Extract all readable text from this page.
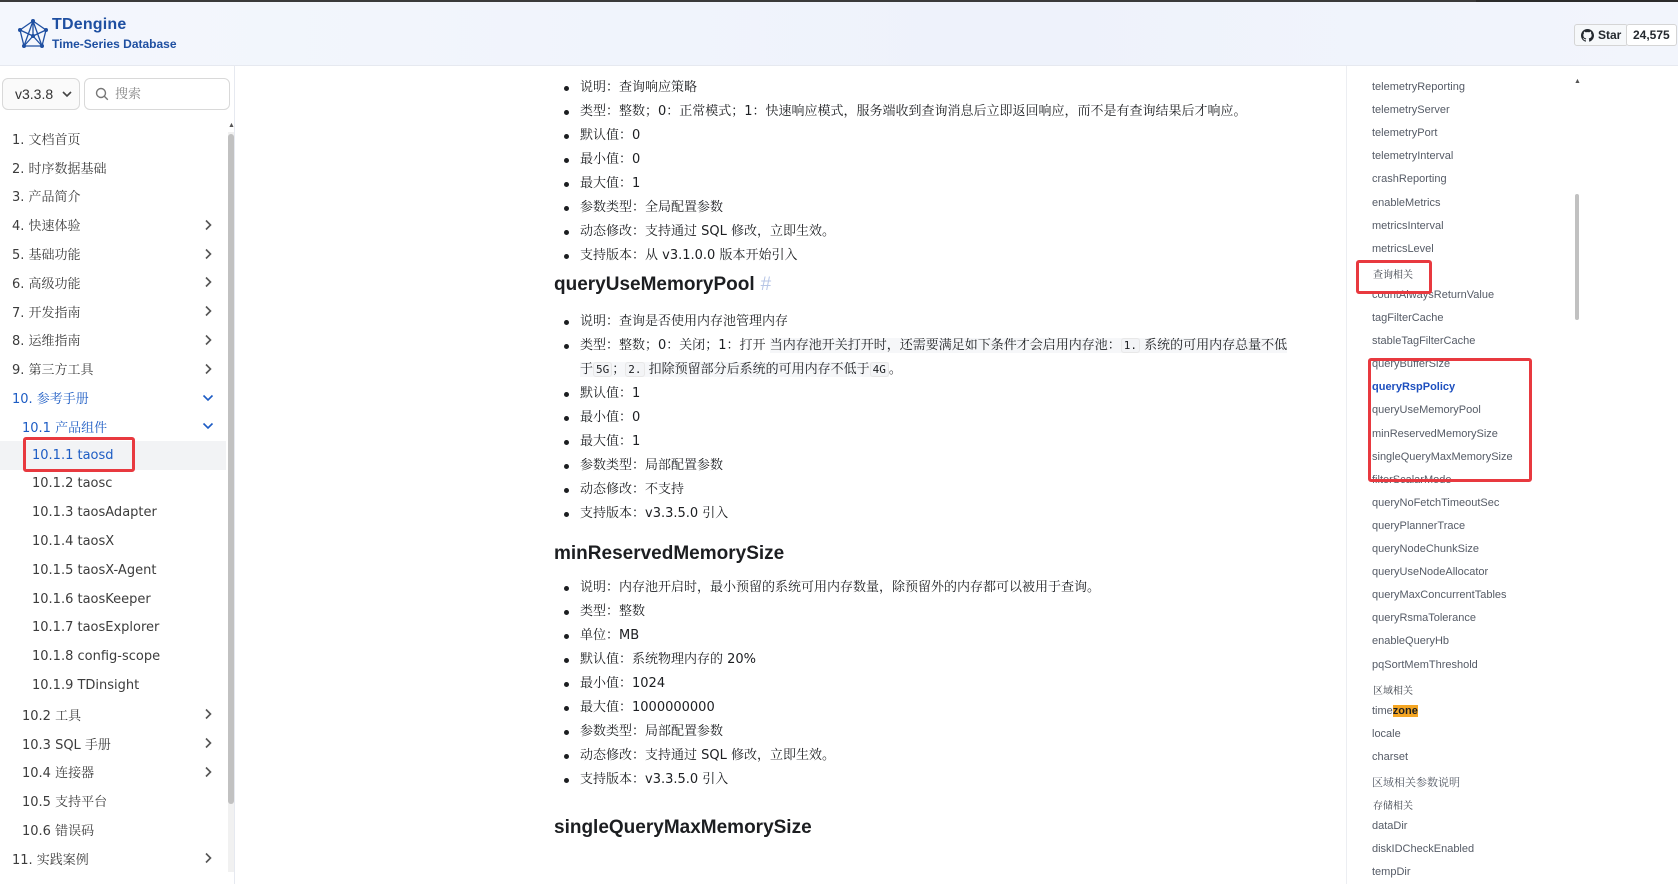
TDengine
Time-Series Database
Star 24,575
v3.3.8
搜索
1. 文档首页
2. 时序数据基础
3. 产品简介
4. 快速体验
5. 基础功能
6. 高级功能
7. 开发指南
8. 运维指南
9. 第三方工具
10. 参考手册
10.1 产品组件
10.1.1 taosd
10.1.2 taosc
10.1.3 taosAdapter
10.1.4 taosX
10.1.5 taosX-Agent
10.1.6 taosKeeper
10.1.7 taosExplorer
10.1.8 config-scope
10.1.9 TDinsight
10.2 工具
10.3 SQL 手册
10.4 连接器
10.5 支持平台
10.6 错误码
11. 实践案例
▲
说明：查询响应策略
类型：整数；0：正常模式；1：快速响应模式，服务端收到查询消息后立即返回响应，而不是有查询结果后才响应。
默认值：0
最小值：0
最大值：1
参数类型：全局配置参数
动态修改：支持通过 SQL 修改，立即生效。
支持版本：从 v3.1.0.0 版本开始引入
queryUseMemoryPool #
说明：查询是否使用内存池管理内存
类型：整数；0：关闭；1：打开 当内存池开关打开时，还需要满足如下条件才会启用内存池： 1. 系统的可用内存总量不低于 5G ； 2. 扣除预留部分后系统的可用内存不低于 4G 。
默认值：1
最小值：0
最大值：1
参数类型：局部配置参数
动态修改：不支持
支持版本：v3.3.5.0 引入
minReservedMemorySize
说明：内存池开启时，最小预留的系统可用内存数量，除预留外的内存都可以被用于查询。
类型：整数
单位：MB
默认值：系统物理内存的 20%
最小值：1024
最大值：1000000000
参数类型：局部配置参数
动态修改：支持通过 SQL 修改，立即生效。
支持版本：v3.3.5.0 引入
singleQueryMaxMemorySize
telemetryReporting
telemetryServer
telemetryPort
telemetryInterval
crashReporting
enableMetrics
metricsInterval
metricsLevel
查询相关
countAlwaysReturnValue
tagFilterCache
stableTagFilterCache
queryBufferSize
queryRspPolicy
queryUseMemoryPool
minReservedMemorySize
singleQueryMaxMemorySize
filterScalarMode
queryNoFetchTimeoutSec
queryPlannerTrace
queryNodeChunkSize
queryUseNodeAllocator
queryMaxConcurrentTables
queryRsmaTolerance
enableQueryHb
pqSortMemThreshold
区域相关
timezone
locale
charset
区域相关参数说明
存储相关
dataDir
diskIDCheckEnabled
tempDir
▲
